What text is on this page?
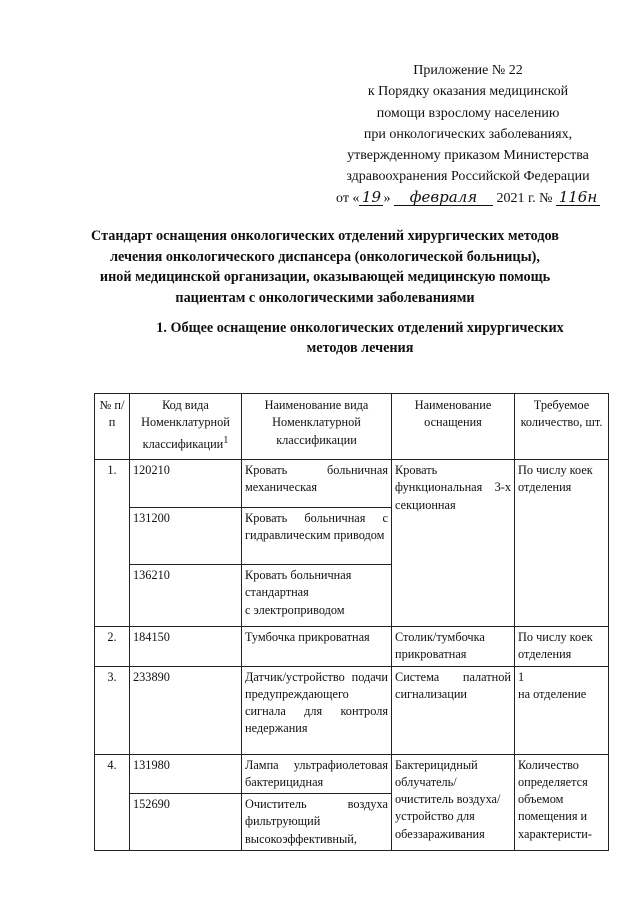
Приложение № 22
к Порядку оказания медицинской
помощи взрослому населению
при онкологических заболеваниях,
утвержденному приказом Министерства
здравоохранения Российской Федерации
от « 19 » февраля 2021 г. № 116н
Стандарт оснащения онкологических отделений хирургических методов
лечения онкологического диспансера (онкологической больницы),
иной медицинской организации, оказывающей медицинскую помощь
пациентам с онкологическими заболеваниями
1. Общее оснащение онкологических отделений хирургических
методов лечения
№ п/п	Код вида Номенклатурной классификации$^1$	Наименование вида Номенклатурной классификации	Наименование оснащения	Требуемое количество, шт.
1.	120210	Кровать больничная механическая	Кровать функциональная 3-х секционная	По числу коек отделения
	131200	Кровать больничная с гидравлическим приводом		
	136210	Кровать больничная стандартная
с электроприводом		

2.	184150	Тумбочка прикроватная	Столик/тумбочка прикроватная	По числу коек отделения
3.	233890	Датчик/устройство подачи предупреждающего сигнала для контроля недержания	Система палатной сигнализации	1
на отделение

4.	131980	Лампа ультрафиолетовая бактерицидная	Бактерицидный облучатель/ очиститель воздуха/ устройство для обеззараживания	Количество определяется объемом помещения и характеристи-
	152690	Очиститель воздуха фильтрующий высокоэффективный,		
